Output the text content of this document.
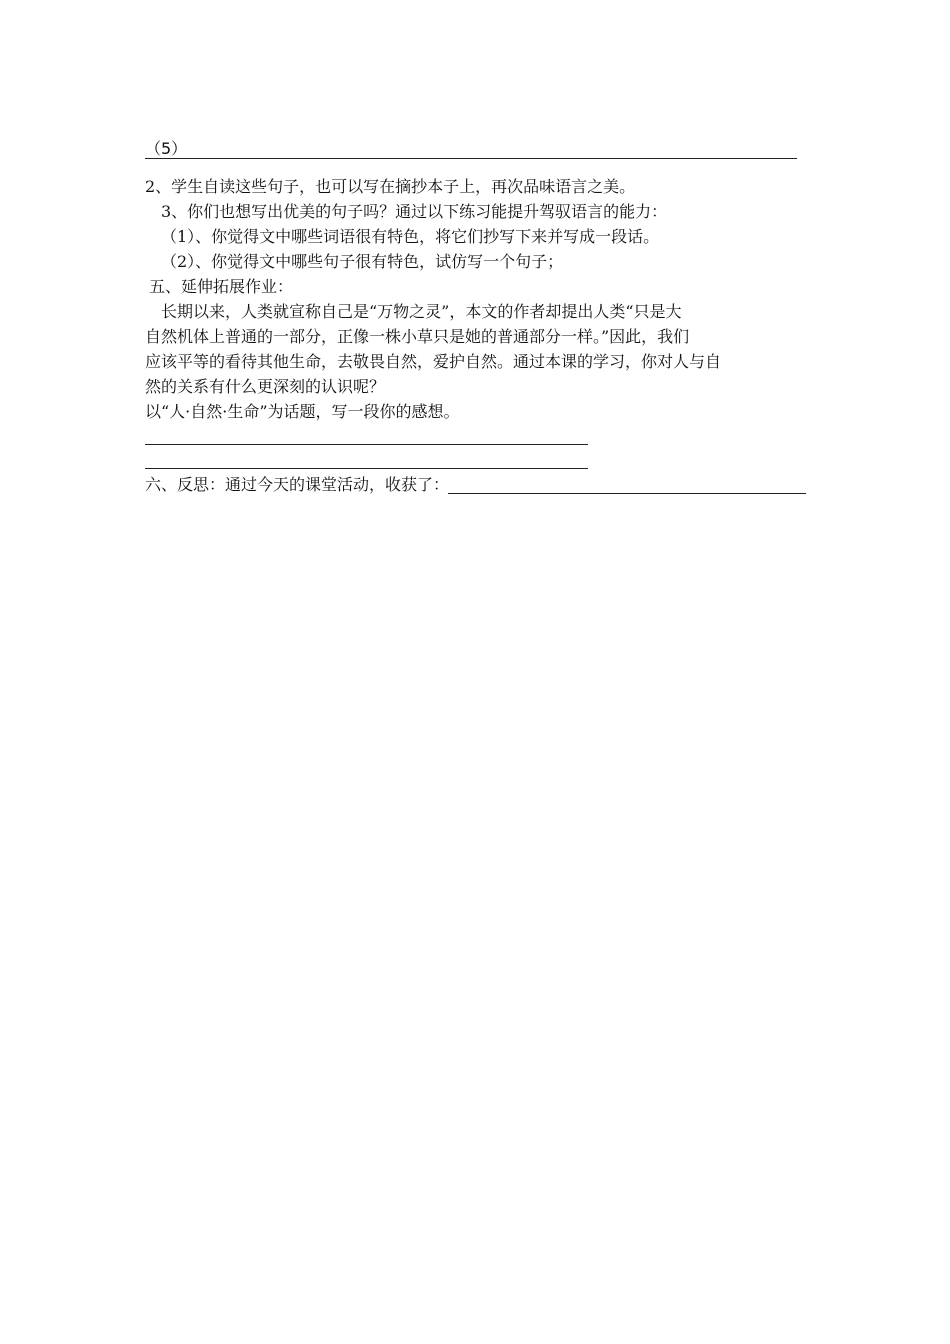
（5）
2、学生自读这些句子，也可以写在摘抄本子上，再次品味语言之美。
3、你们也想写出优美的句子吗？通过以下练习能提升驾驭语言的能力：
（1）、你觉得文中哪些词语很有特色，将它们抄写下来并写成一段话。
（2）、你觉得文中哪些句子很有特色，试仿写一个句子；
五、延伸拓展作业：
长期以来，人类就宣称自己是“万物之灵”，本文的作者却提出人类“只是大
自然机体上普通的一部分，正像一株小草只是她的普通部分一样。”因此，我们
应该平等的看待其他生命，去敬畏自然，爱护自然。通过本课的学习，你对人与自
然的关系有什么更深刻的认识呢？
以“人·自然·生命”为话题，写一段你的感想。
六、反思：通过今天的课堂活动，收获了：
